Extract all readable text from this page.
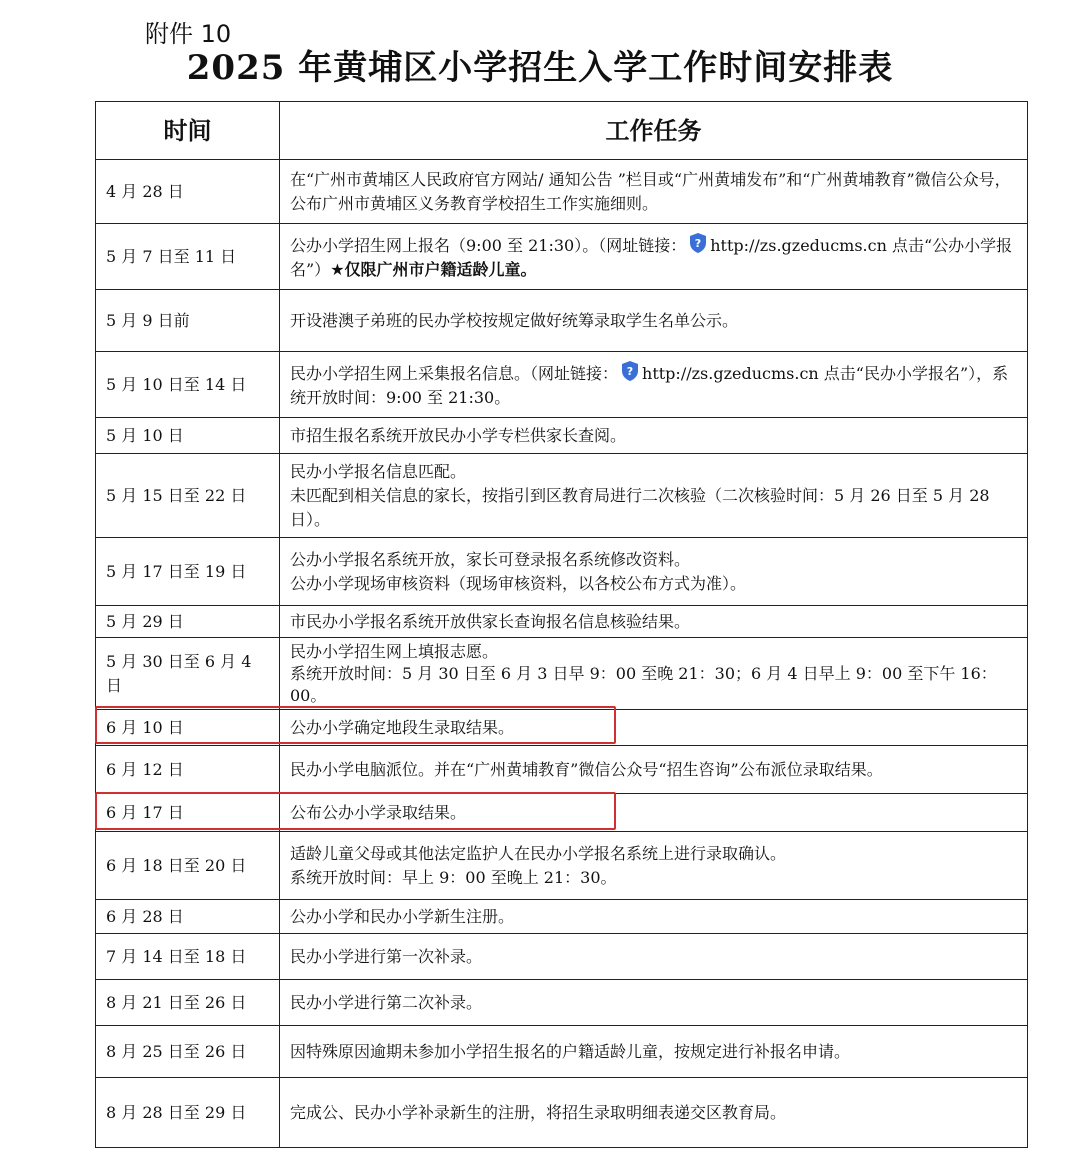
附件 10
2025 年黄埔区小学招生入学工作时间安排表
时间	工作任务
4 月 28 日	在“广州市黄埔区人民政府官方网站/ 通知公告 ”栏目或“广州黄埔发布”和“广州黄埔教育”微信公众号，公布广州市黄埔区义务教育学校招生工作实施细则。

5 月 7 日至 11 日	公办小学招生网上报名（9:00 至 21:30）。（网址链接： ? http://zs.gzeducms.cn 点击“公办小学报名”）★仅限广州市户籍适龄儿童。
5 月 9 日前	开设港澳子弟班的民办学校按规定做好统筹录取学生名单公示。

5 月 10 日至 14 日	民办小学招生网上采集报名信息。（网址链接： ? http://zs.gzeducms.cn 点击“民办小学报名”），系统开放时间：9:00 至 21:30。
5 月 10 日	市招生报名系统开放民办小学专栏供家长查阅。

5 月 15 日至 22 日	民办小学报名信息匹配。
未匹配到相关信息的家长，按指引到区教育局进行二次核验（二次核验时间：5 月 26 日至 5 月 28 日）。

5 月 17 日至 19 日	公办小学报名系统开放，家长可登录报名系统修改资料。
公办小学现场审核资料（现场审核资料，以各校公布方式为准）。

5 月 29 日	市民办小学报名系统开放供家长查询报名信息核验结果。

5 月 30 日至 6 月 4 日	民办小学招生网上填报志愿。
系统开放时间：5 月 30 日至 6 月 3 日早 9：00 至晚 21：30；6 月 4 日早上 9：00 至下午 16：00。

6 月 10 日	公办小学确定地段生录取结果。

6 月 12 日	民办小学电脑派位。并在“广州黄埔教育”微信公众号“招生咨询”公布派位录取结果。

6 月 17 日	公布公办小学录取结果。

6 月 18 日至 20 日	适龄儿童父母或其他法定监护人在民办小学报名系统上进行录取确认。
系统开放时间：早上 9：00 至晚上 21：30。

6 月 28 日	公办小学和民办小学新生注册。

7 月 14 日至 18 日	民办小学进行第一次补录。

8 月 21 日至 26 日	民办小学进行第二次补录。

8 月 25 日至 26 日	因特殊原因逾期未参加小学招生报名的户籍适龄儿童，按规定进行补报名申请。

8 月 28 日至 29 日	完成公、民办小学补录新生的注册，将招生录取明细表递交区教育局。
